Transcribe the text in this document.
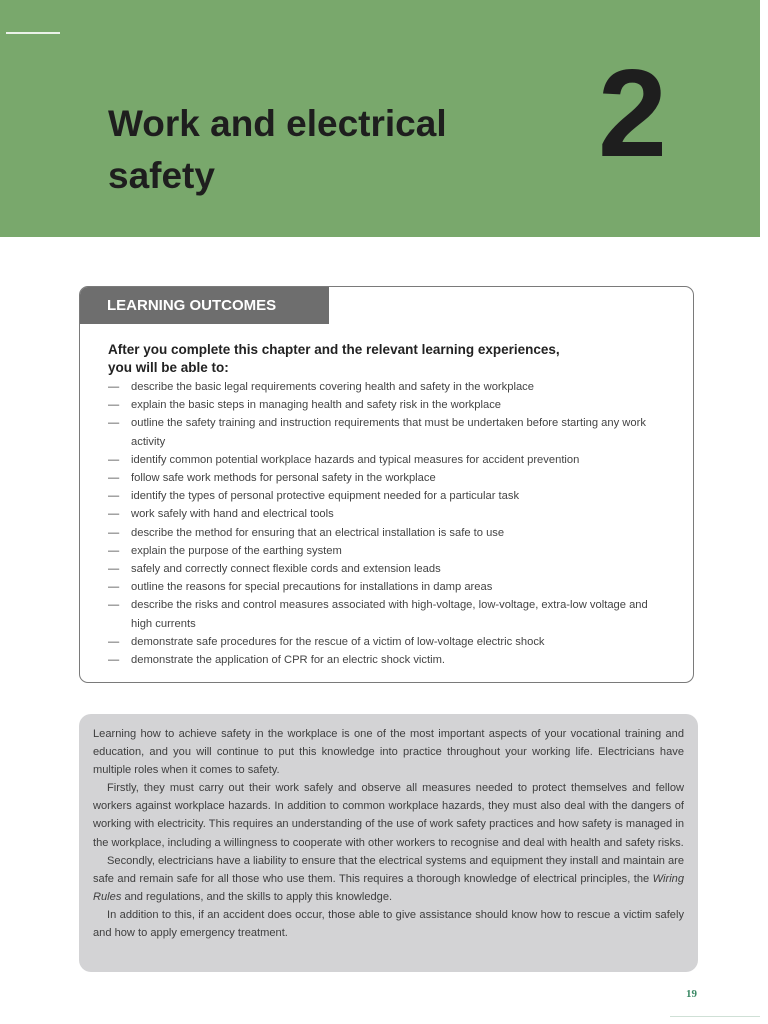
Work and electrical
safety	2
LEARNING OUTCOMES
After you complete this chapter and the relevant learning experiences,
you will be able to:
— describe the basic legal requirements covering health and safety in the workplace
— explain the basic steps in managing health and safety risk in the workplace
— outline the safety training and instruction requirements that must be undertaken before starting any work activity
— identify common potential workplace hazards and typical measures for accident prevention
— follow safe work methods for personal safety in the workplace
— identify the types of personal protective equipment needed for a particular task
— work safely with hand and electrical tools
— describe the method for ensuring that an electrical installation is safe to use
— explain the purpose of the earthing system
— safely and correctly connect flexible cords and extension leads
— outline the reasons for special precautions for installations in damp areas
— describe the risks and control measures associated with high-voltage, low-voltage, extra-low voltage and high currents
— demonstrate safe procedures for the rescue of a victim of low-voltage electric shock
— demonstrate the application of CPR for an electric shock victim.

Learning how to achieve safety in the workplace is one of the most important aspects of your vocational training and education, and you will continue to put this knowledge into practice throughout your working life. Electricians have multiple roles when it comes to safety.

Firstly, they must carry out their work safely and observe all measures needed to protect themselves and fellow workers against workplace hazards. In addition to common workplace hazards, they must also deal with the dangers of working with electricity. This requires an understanding of the use of work safety practices and how safety is managed in the workplace, including a willingness to cooperate with other workers to recognise and deal with health and safety risks.

Secondly, electricians have a liability to ensure that the electrical systems and equipment they install and maintain are safe and remain safe for all those who use them. This requires a thorough knowledge of electrical principles, the Wiring Rules and regulations, and the skills to apply this knowledge.

In addition to this, if an accident does occur, those able to give assistance should know how to rescue a victim safely and how to apply emergency treatment.

19
